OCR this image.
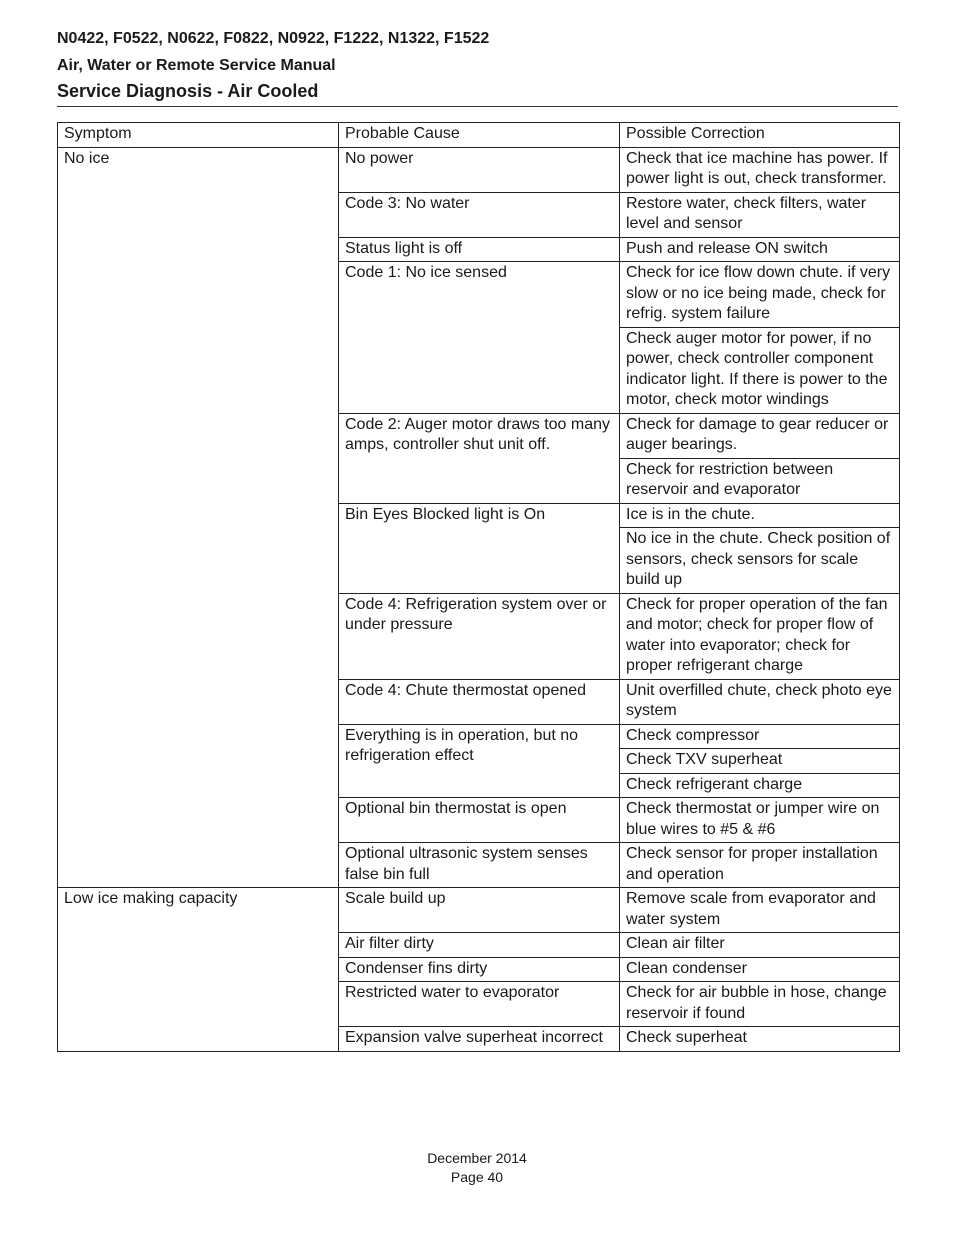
N0422, F0522, N0622, F0822, N0922, F1222, N1322, F1522
Air, Water or Remote Service Manual
Service Diagnosis - Air Cooled
Symptom	Probable Cause	Possible Correction
No ice	No power	Check that ice machine has power. If power light is out, check transformer.
	Code 3: No water	Restore water, check filters, water level and sensor
	Status light is off	Push and release ON switch
	Code 1: No ice sensed	Check for ice flow down chute. if very slow or no ice being made, check for refrig. system failure
		Check auger motor for power, if no power, check controller component indicator light. If there is power to the motor, check motor windings
	Code 2: Auger motor draws too many amps, controller shut unit off.	Check for damage to gear reducer or auger bearings.
		Check for restriction between reservoir and evaporator
	Bin Eyes Blocked light is On	Ice is in the chute.
		No ice in the chute. Check position of sensors, check sensors for scale build up
	Code 4: Refrigeration system over or under pressure	Check for proper operation of the fan and motor; check for proper flow of water into evaporator; check for proper refrigerant charge
	Code 4: Chute thermostat opened	Unit overfilled chute, check photo eye system
	Everything is in operation, but no refrigeration effect	Check compressor
		Check TXV superheat
		Check refrigerant charge
	Optional bin thermostat is open	Check thermostat or jumper wire on blue wires to #5 & #6
	Optional ultrasonic system senses false bin full	Check sensor for proper installation and operation
Low ice making capacity	Scale build up	Remove scale from evaporator and water system
	Air filter dirty	Clean air filter
	Condenser fins dirty	Clean condenser
	Restricted water to evaporator	Check for air bubble in hose, change reservoir if found
	Expansion valve superheat incorrect	Check superheat
December 2014
Page 40
